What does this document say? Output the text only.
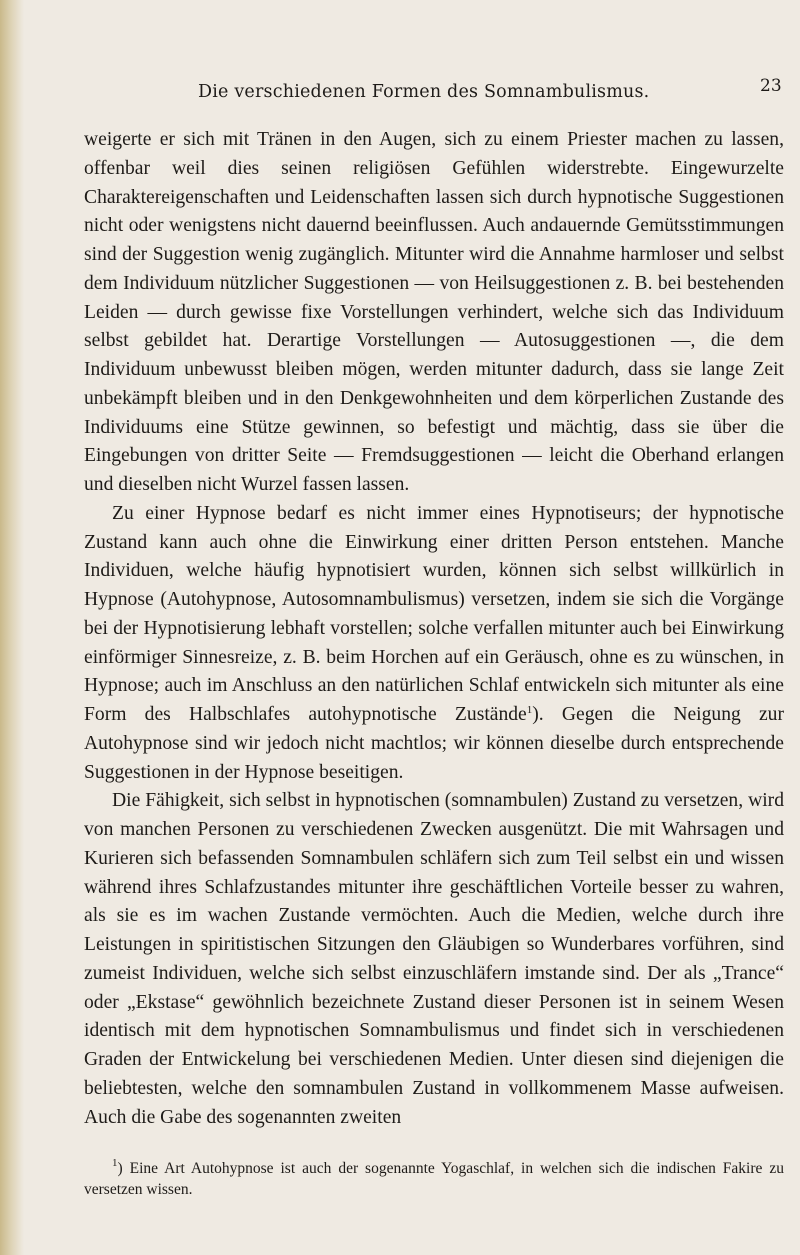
Die verschiedenen Formen des Somnambulismus.	23

weigerte er sich mit Tränen in den Augen, sich zu einem Priester machen zu lassen, offenbar weil dies seinen religiösen Gefühlen widerstrebte. Eingewurzelte Charaktereigenschaften und Leidenschaften lassen sich durch hypnotische Suggestionen nicht oder wenigstens nicht dauernd beeinflussen. Auch andauernde Gemütsstimmungen sind der Suggestion wenig zugänglich. Mitunter wird die Annahme harmloser und selbst dem Individuum nützlicher Suggestionen — von Heilsuggestionen z. B. bei bestehenden Leiden — durch gewisse fixe Vorstellungen verhindert, welche sich das Individuum selbst gebildet hat. Derartige Vorstellungen — Autosuggestionen —, die dem Individuum unbewusst bleiben mögen, werden mitunter dadurch, dass sie lange Zeit unbekämpft bleiben und in den Denkgewohnheiten und dem körperlichen Zustande des Individuums eine Stütze gewinnen, so befestigt und mächtig, dass sie über die Eingebungen von dritter Seite — Fremdsuggestionen — leicht die Oberhand erlangen und dieselben nicht Wurzel fassen lassen.

Zu einer Hypnose bedarf es nicht immer eines Hypnotiseurs; der hypnotische Zustand kann auch ohne die Einwirkung einer dritten Person entstehen. Manche Individuen, welche häufig hypnotisiert wurden, können sich selbst willkürlich in Hypnose (Autohypnose, Autosomnambulismus) versetzen, indem sie sich die Vorgänge bei der Hypnotisierung lebhaft vorstellen; solche verfallen mitunter auch bei Einwirkung einförmiger Sinnesreize, z. B. beim Horchen auf ein Geräusch, ohne es zu wünschen, in Hypnose; auch im Anschluss an den natürlichen Schlaf entwickeln sich mitunter als eine Form des Halbschlafes autohypnotische Zustände$^1$). Gegen die Neigung zur Autohypnose sind wir jedoch nicht machtlos; wir können dieselbe durch entsprechende Suggestionen in der Hypnose beseitigen.

Die Fähigkeit, sich selbst in hypnotischen (somnambulen) Zustand zu versetzen, wird von manchen Personen zu verschiedenen Zwecken ausgenützt. Die mit Wahrsagen und Kurieren sich befassenden Somnambulen schläfern sich zum Teil selbst ein und wissen während ihres Schlafzustandes mitunter ihre geschäftlichen Vorteile besser zu wahren, als sie es im wachen Zustande vermöchten. Auch die Medien, welche durch ihre Leistungen in spiritistischen Sitzungen den Gläubigen so Wunderbares vorführen, sind zumeist Individuen, welche sich selbst einzuschläfern imstande sind. Der als „Trance“ oder „Ekstase“ gewöhnlich bezeichnete Zustand dieser Personen ist in seinem Wesen identisch mit dem hypnotischen Somnambulismus und findet sich in verschiedenen Graden der Entwickelung bei verschiedenen Medien. Unter diesen sind diejenigen die beliebtesten, welche den somnambulen Zustand in vollkommenem Masse aufweisen. Auch die Gabe des sogenannten zweiten

$^1$) Eine Art Autohypnose ist auch der sogenannte Yogaschlaf, in welchen sich die indischen Fakire zu versetzen wissen.
